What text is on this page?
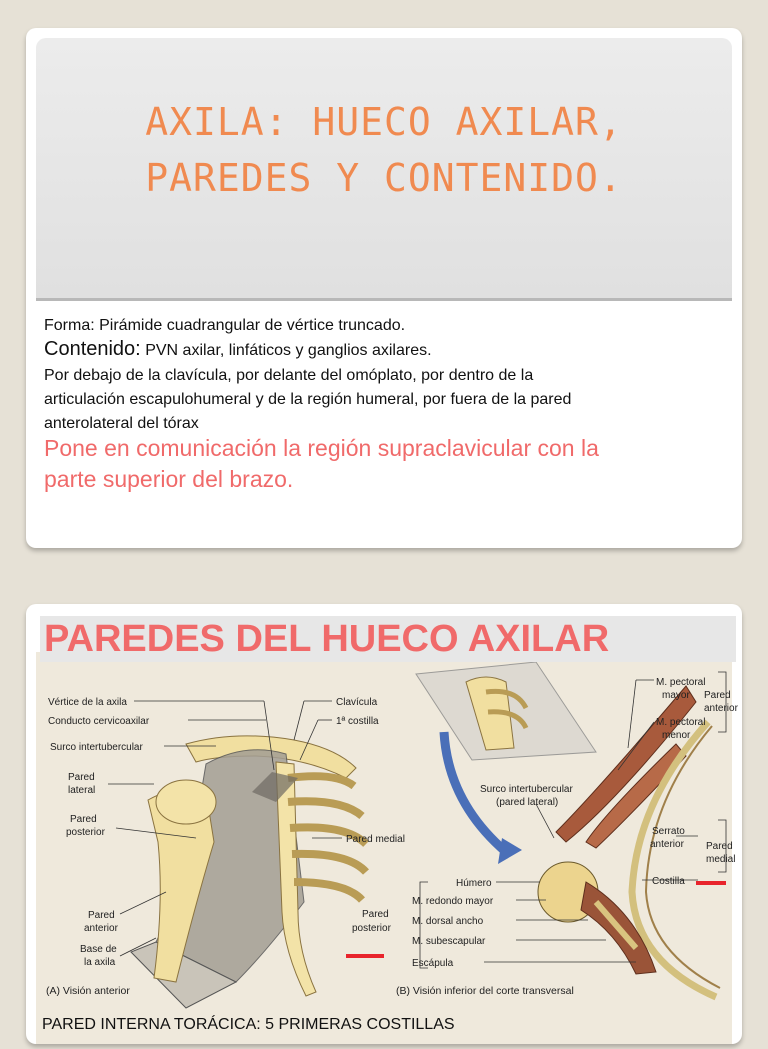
AXILA: HUECO AXILAR,
PAREDES Y CONTENIDO.
Forma: Pirámide cuadrangular de vértice truncado.
Contenido: PVN axilar, linfáticos y ganglios axilares.
Por debajo de la clavícula, por delante del omóplato, por dentro de la
articulación escapulohumeral y de la región humeral, por fuera de la pared
anterolateral del tórax
Pone en comunicación la región supraclavicular con la
parte superior del brazo.
Vértice de la axila
Conducto cervicoaxilar
Surco intertubercular
Pared
lateral
Pared
posterior
Pared
anterior
Base de
la axila
Clavícula
1ª costilla
Pared medial
(A) Visión anterior
M. pectoral
mayor Pared
anterior
M. pectoral
menor
Surco intertubercular
(pared lateral)
Serrato
anterior Pared
medial
Húmero	Costilla
Pared
posterior
M. redondo mayor
M. dorsal ancho
M. subescapular
Escápula
(B) Visión inferior del corte transversal
PAREDES DEL HUECO AXILAR
PARED INTERNA TORÁCICA: 5 PRIMERAS COSTILLAS
